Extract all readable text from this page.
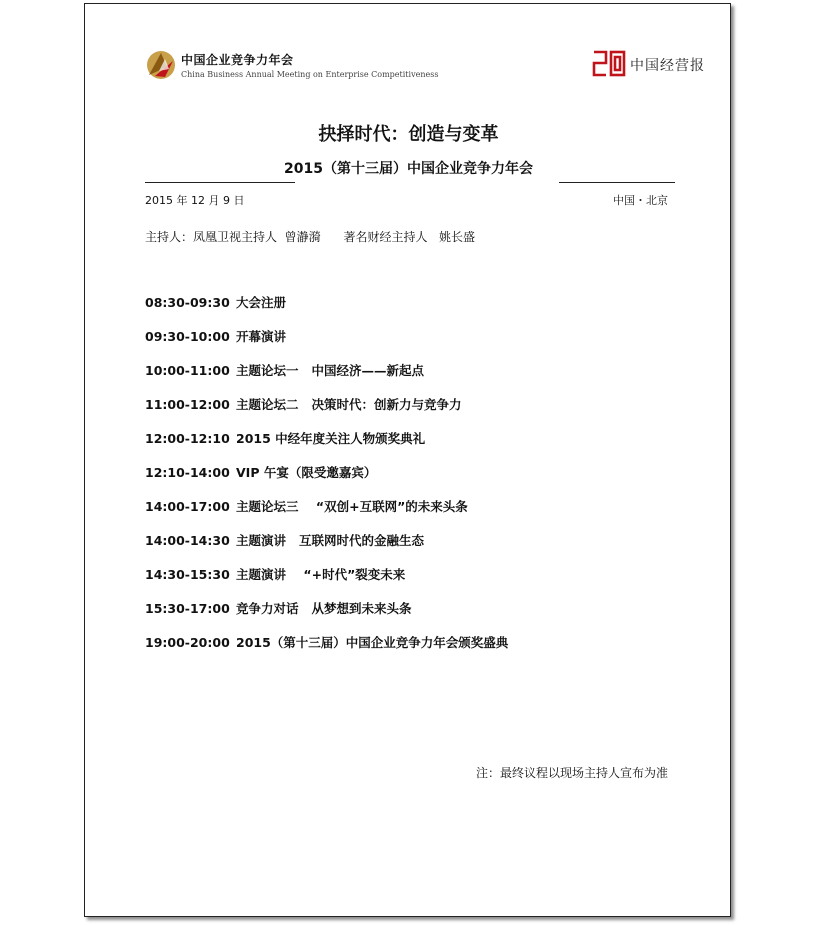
中国企业竞争力年会
China Business Annual Meeting on Enterprise Competitiveness
中国经营报
抉择时代：创造与变革
2015（第十三届）中国企业竞争力年会
2015 年 12 月 9 日	中国・北京
主持人：凤凰卫视主持人  曾瀞漪      著名财经主持人   姚长盛
08:30-09:30 大会注册
09:30-10:00 开幕演讲
10:00-11:00 主题论坛一   中国经济——新起点
11:00-12:00 主题论坛二   决策时代：创新力与竞争力
12:00-12:10 2015 中经年度关注人物颁奖典礼
12:10-14:00 VIP 午宴（限受邀嘉宾）
14:00-17:00 主题论坛三    “双创+互联网”的未来头条
14:00-14:30 主题演讲   互联网时代的金融生态
14:30-15:30 主题演讲    “+时代”裂变未来
15:30-17:00 竞争力对话   从梦想到未来头条
19:00-20:00 2015（第十三届）中国企业竞争力年会颁奖盛典
注：最终议程以现场主持人宣布为准
